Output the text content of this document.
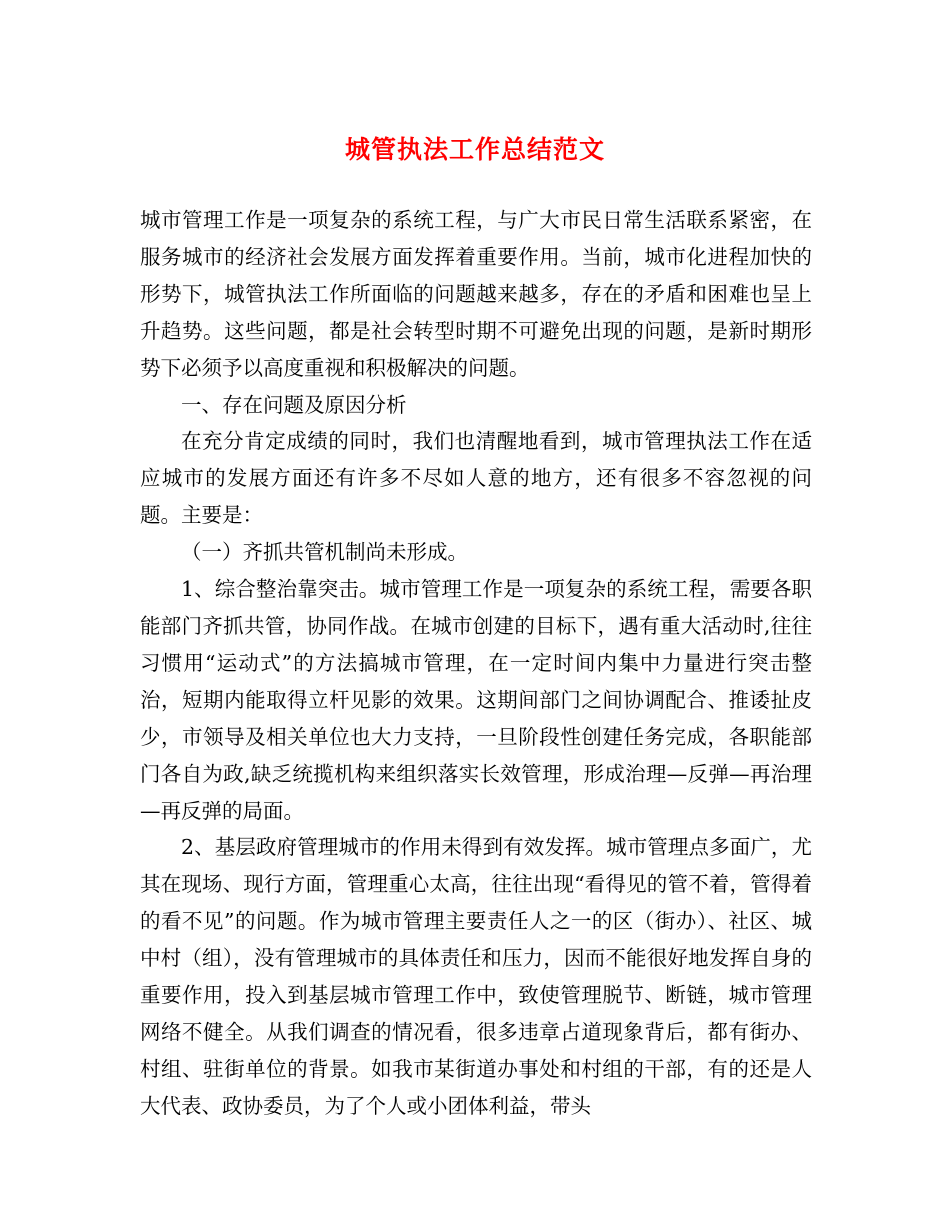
城管执法工作总结范文

城市管理工作是一项复杂的系统工程，与广大市民日常生活联系紧密，在服务城市的经济社会发展方面发挥着重要作用。当前，城市化进程加快的形势下，城管执法工作所面临的问题越来越多，存在的矛盾和困难也呈上升趋势。这些问题，都是社会转型时期不可避免出现的问题，是新时期形势下必须予以高度重视和积极解决的问题。

一、存在问题及原因分析

在充分肯定成绩的同时，我们也清醒地看到，城市管理执法工作在适应城市的发展方面还有许多不尽如人意的地方，还有很多不容忽视的问题。主要是：

（一）齐抓共管机制尚未形成。

1、综合整治靠突击。城市管理工作是一项复杂的系统工程，需要各职能部门齐抓共管，协同作战。在城市创建的目标下，遇有重大活动时,往往习惯用“运动式”的方法搞城市管理，在一定时间内集中力量进行突击整治，短期内能取得立杆见影的效果。这期间部门之间协调配合、推诿扯皮少，市领导及相关单位也大力支持，一旦阶段性创建任务完成，各职能部门各自为政,缺乏统揽机构来组织落实长效管理，形成治理—反弹—再治理—再反弹的局面。

2、基层政府管理城市的作用未得到有效发挥。城市管理点多面广，尤其在现场、现行方面，管理重心太高，往往出现“看得见的管不着，管得着的看不见”的问题。作为城市管理主要责任人之一的区（街办）、社区、城中村（组），没有管理城市的具体责任和压力，因而不能很好地发挥自身的重要作用，投入到基层城市管理工作中，致使管理脱节、断链，城市管理网络不健全。从我们调查的情况看，很多违章占道现象背后，都有街办、村组、驻街单位的背景。如我市某街道办事处和村组的干部，有的还是人大代表、政协委员，为了个人或小团体利益，带头
